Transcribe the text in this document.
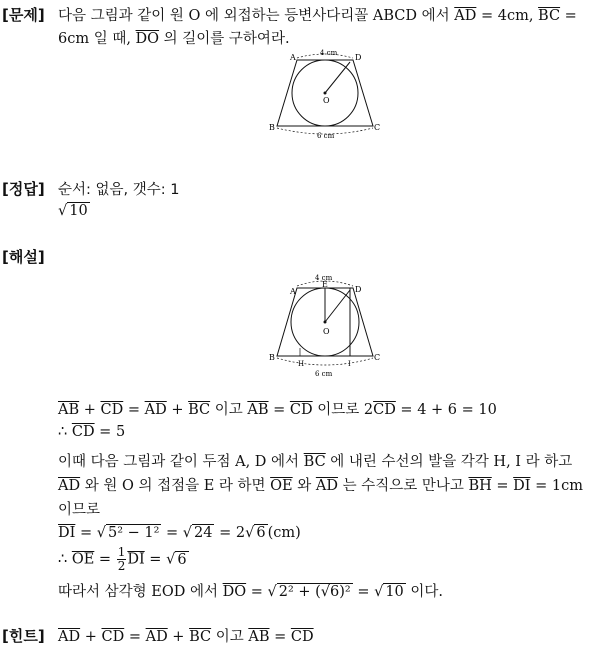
[문제] 다음 그림과 같이 원 O 에 외접하는 등변사다리꼴 ABCD 에서 $\overline{AD} = 4cm$, $\overline{BC}$ =
6cm 일 때, $\overline{DO}$ 의 길이를 구하여라.
4 cm
6 cm
A	D
B	C
O
[정답] 순서: 없음, 갯수: 1
√ 10
[해설]
4 cm
6 cm
A	D
E
B	C
O
H	I
$\overline{AB} + \overline{CD} = \overline{AD} + \overline{BC}$ 이고 $\overline{AB} = \overline{CD}$ 이므로 $2\overline{CD} = 4 + 6 = 10$
∴ $\overline{CD} = 5$
이때 다음 그림과 같이 두점 A, D 에서 $\overline{BC}$ 에 내린 수선의 발을 각각 H, I 라 하고
$\overline{AD}$ 와 원 O 의 접점을 E 라 하면 $\overline{OE}$ 와 $\overline{AD}$ 는 수직으로 만나고 $\overline{BH} = \overline{DI} = 1cm$
이므로
$\overline{DI}$ = √ 5² − 1² = √ 24 = 2√ 6 (cm)
∴ $\overline{OE} = \frac{1}{2} \overline{DI}$ = √ 6
따라서 삼각형 EOD 에서 $\overline{DO}$ = √ 2² + (√6)² = √ 10 이다.
[힌트] $\overline{AD} + \overline{CD} = \overline{AD} + \overline{BC}$ 이고 $\overline{AB} = \overline{CD}$
